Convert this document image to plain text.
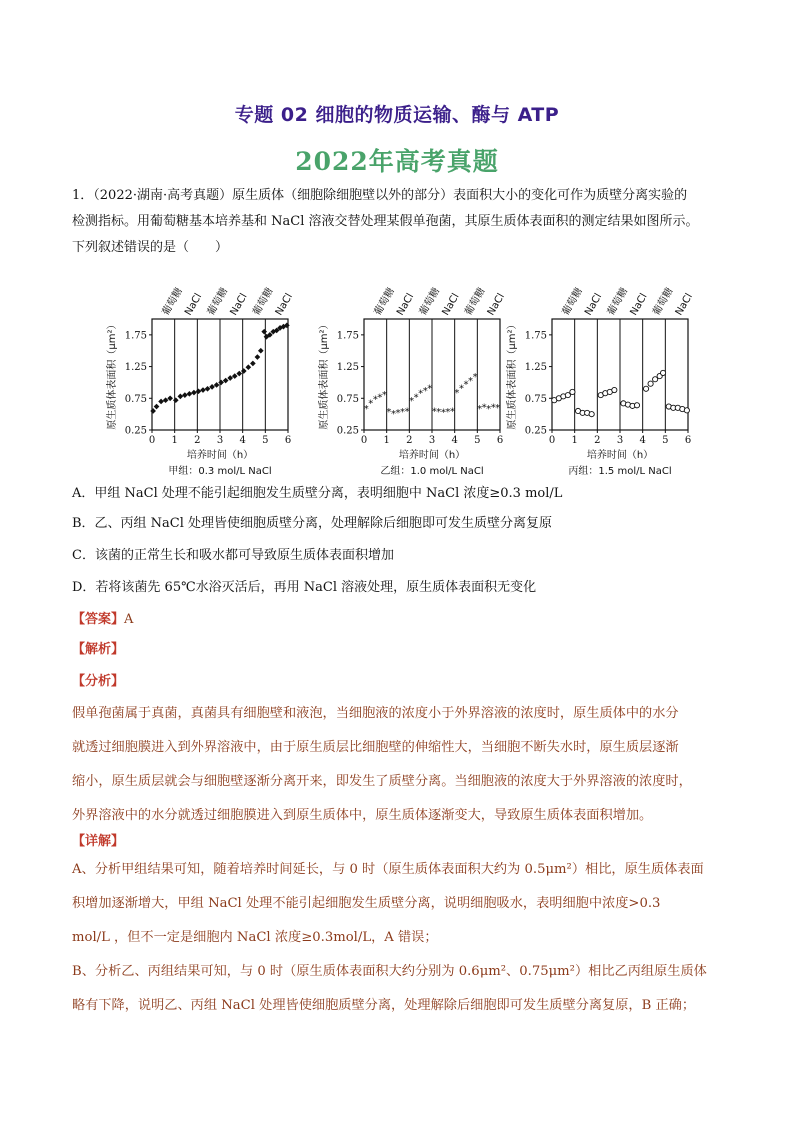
专题 02 细胞的物质运输、酶与 ATP
2022年高考真题
1．（2022·湖南·高考真题）原生质体（细胞除细胞壁以外的部分）表面积大小的变化可作为质壁分离实验的
检测指标。用葡萄糖基本培养基和 NaCl 溶液交替处理某假单孢菌，其原生质体表面积的测定结果如图所示。
下列叙述错误的是（　　）
葡萄糖
NaCl 葡萄糖
NaCl 葡萄糖
NaCl
0 1 2 3 4 5 6
0.25
0.75
1.25
1.75
原生质体表面积（μm²）
培养时间（h）
甲组：0.3 mol/L NaCl
葡萄糖
NaCl 葡萄糖
NaCl 葡萄糖
NaCl
0 1 2 3 4 5 6
0.25
0.75
1.25
1.75
原生质体表面积（μm²）
培养时间（h）
乙组：1.0 mol/L NaCl
* * * * *
* * * * *
* * * * *
* * * * *
* * * * *
* * * * *
葡萄糖
NaCl 葡萄糖
NaCl 葡萄糖
NaCl
0 1 2 3 4 5 6
0.25
0.75
1.25
1.75
原生质体表面积（μm²）
培养时间（h）
丙组：1.5 mol/L NaCl
A．甲组 NaCl 处理不能引起细胞发生质壁分离，表明细胞中 NaCl 浓度≥0.3 mol/L
B．乙、丙组 NaCl 处理皆使细胞质壁分离，处理解除后细胞即可发生质壁分离复原
C．该菌的正常生长和吸水都可导致原生质体表面积增加
D．若将该菌先 65℃水浴灭活后，再用 NaCl 溶液处理，原生质体表面积无变化
【答案】A
【解析】
【分析】
假单孢菌属于真菌，真菌具有细胞壁和液泡，当细胞液的浓度小于外界溶液的浓度时，原生质体中的水分
就透过细胞膜进入到外界溶液中，由于原生质层比细胞壁的伸缩性大，当细胞不断失水时，原生质层逐渐
缩小，原生质层就会与细胞壁逐渐分离开来，即发生了质壁分离。当细胞液的浓度大于外界溶液的浓度时，
外界溶液中的水分就透过细胞膜进入到原生质体中，原生质体逐渐变大，导致原生质体表面积增加。
【详解】
A、分析甲组结果可知，随着培养时间延长，与 0 时（原生质体表面积大约为 0.5μm²）相比，原生质体表面
积增加逐渐增大，甲组 NaCl 处理不能引起细胞发生质壁分离，说明细胞吸水，表明细胞中浓度>0.3
mol/L ，但不一定是细胞内 NaCl 浓度≥0.3mol/L，A 错误；
B、分析乙、丙组结果可知，与 0 时（原生质体表面积大约分别为 0.6μm²、0.75μm²）相比乙丙组原生质体
略有下降，说明乙、丙组 NaCl 处理皆使细胞质壁分离，处理解除后细胞即可发生质壁分离复原，B 正确；
